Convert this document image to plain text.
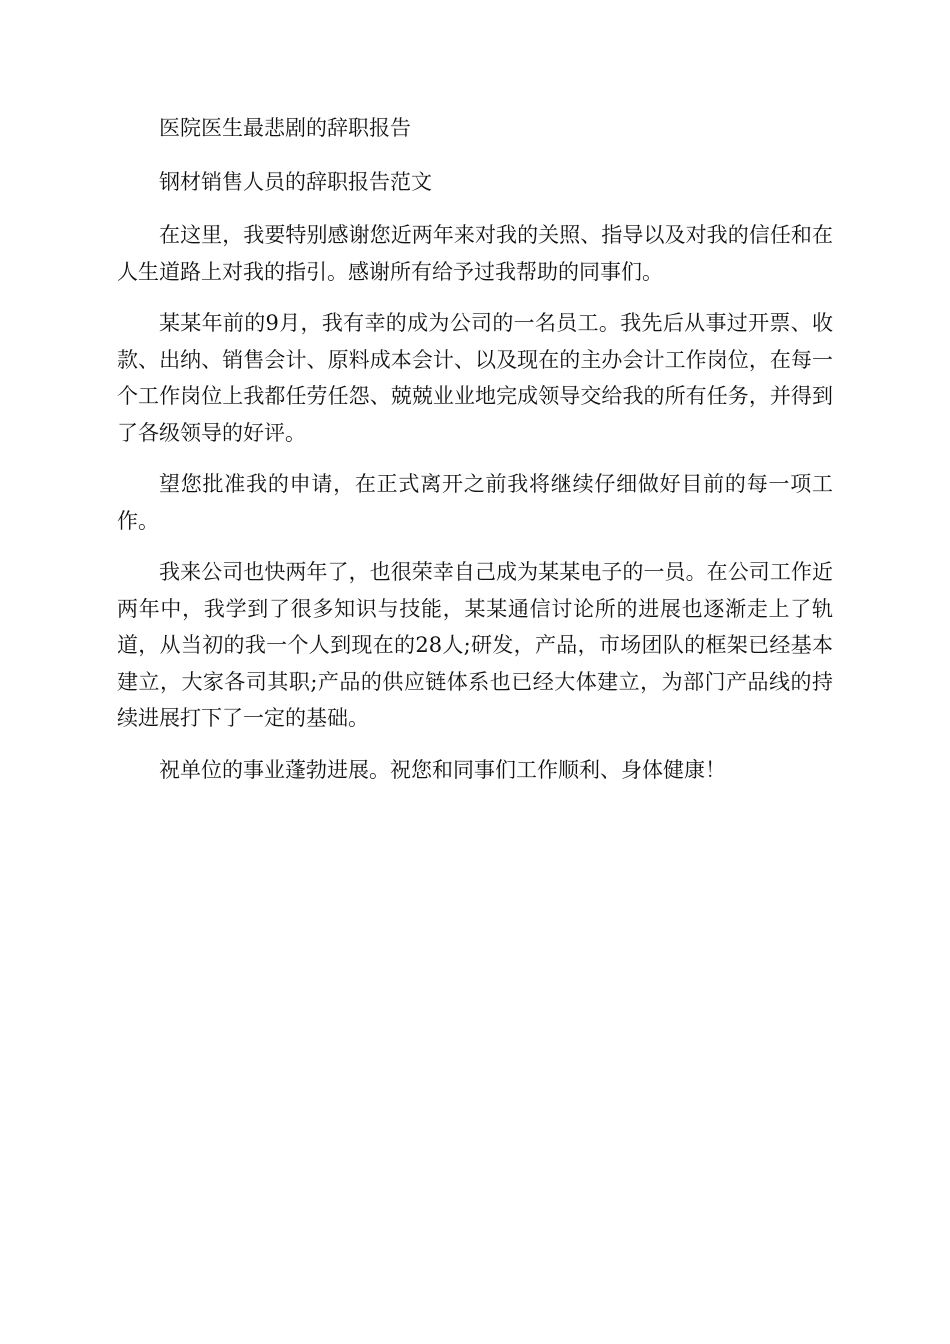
医院医生最悲剧的辞职报告

钢材销售人员的辞职报告范文

在这里，我要特别感谢您近两年来对我的关照、指导以及对我的信任和在人生道路上对我的指引。感谢所有给予过我帮助的同事们。

某某年前的9月，我有幸的成为公司的一名员工。我先后从事过开票、收款、出纳、销售会计、原料成本会计、以及现在的主办会计工作岗位，在每一个工作岗位上我都任劳任怨、兢兢业业地完成领导交给我的所有任务，并得到了各级领导的好评。

望您批准我的申请，在正式离开之前我将继续仔细做好目前的每一项工作。

我来公司也快两年了，也很荣幸自己成为某某电子的一员。在公司工作近两年中，我学到了很多知识与技能，某某通信讨论所的进展也逐渐走上了轨道，从当初的我一个人到现在的28人;研发，产品，市场团队的框架已经基本建立，大家各司其职;产品的供应链体系也已经大体建立，为部门产品线的持续进展打下了一定的基础。

祝单位的事业蓬勃进展。祝您和同事们工作顺利、身体健康！
